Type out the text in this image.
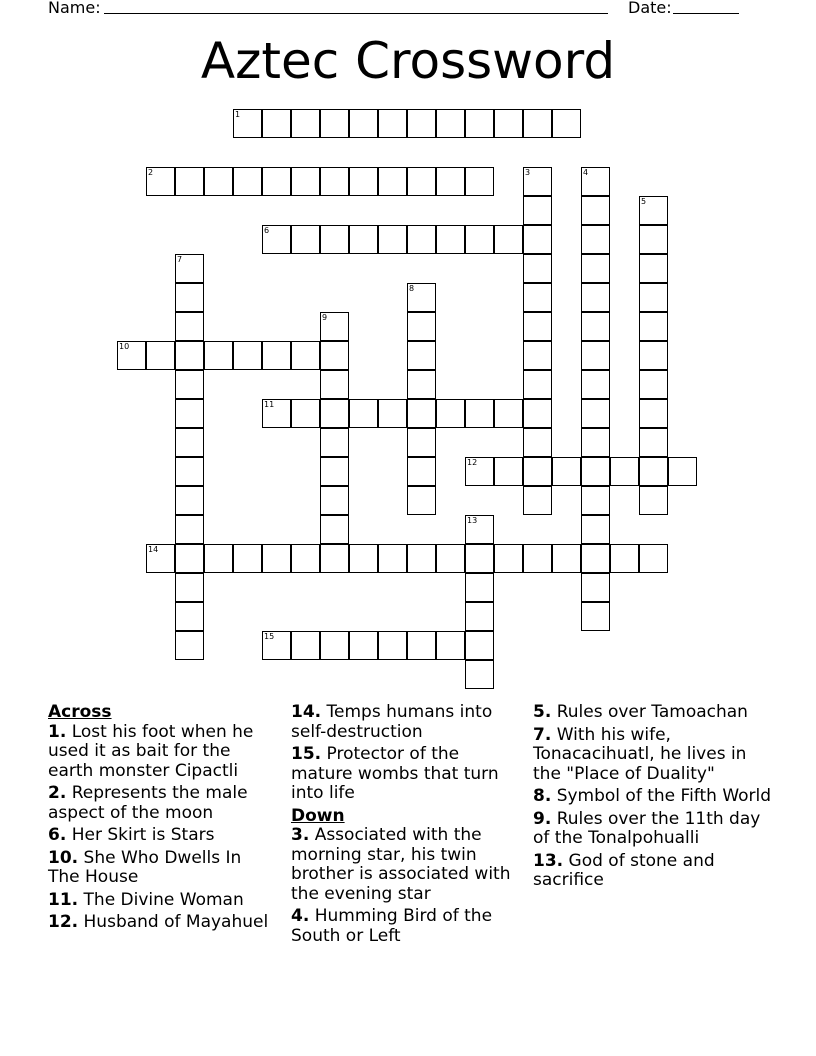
Name:	Date:
Aztec Crossword
1
2	3	4
5
6
7
8
9
10
11
12
13
14
15
Across
1. Lost his foot when he used it as bait for the earth monster Cipactli
2. Represents the male aspect of the moon
6. Her Skirt is Stars
10. She Who Dwells In The House
11. The Divine Woman
12. Husband of Mayahuel
14. Temps humans into self-destruction
15. Protector of the mature wombs that turn into life
Down
3. Associated with the morning star, his twin brother is associated with the evening star
4. Humming Bird of the South or Left
5. Rules over Tamoachan
7. With his wife, Tonacacihuatl, he lives in the "Place of Duality"
8. Symbol of the Fifth World
9. Rules over the 11th day of the Tonalpohualli
13. God of stone and sacrifice
